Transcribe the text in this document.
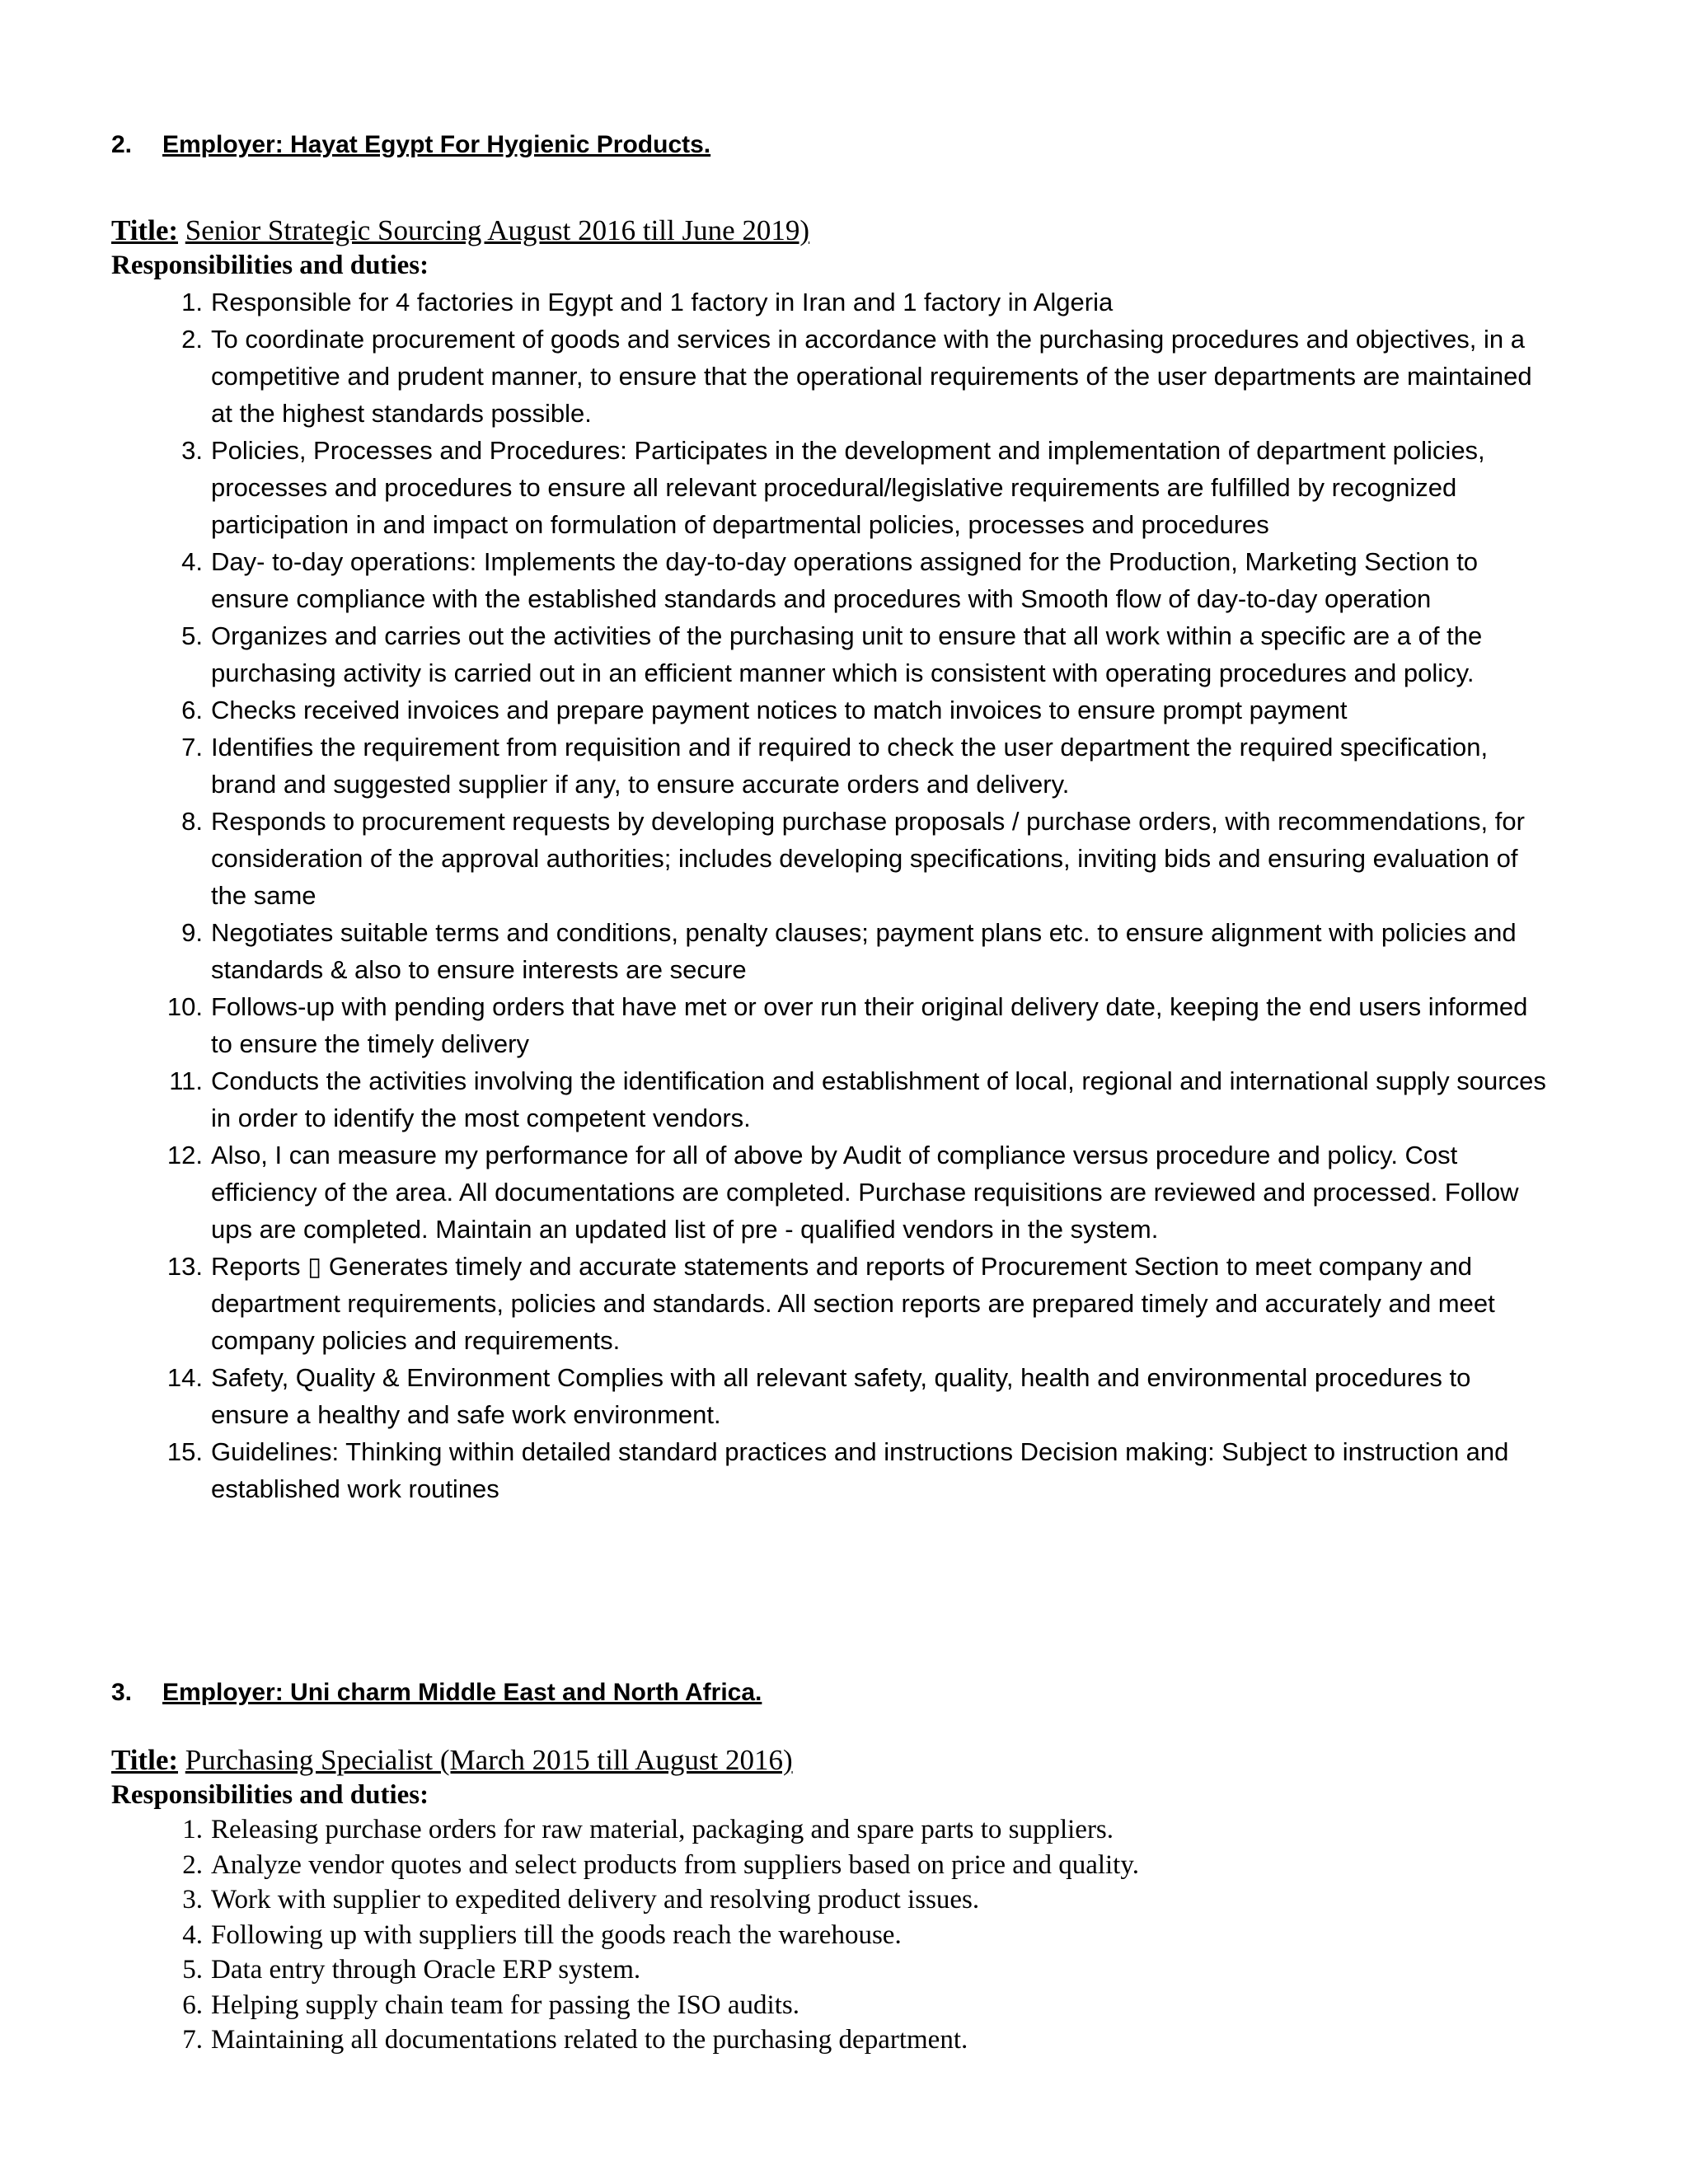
2. Employer: Hayat Egypt For Hygienic Products.
Title: Senior Strategic Sourcing August 2016 till June 2019)
Responsibilities and duties:
1. Responsible for 4 factories in Egypt and 1 factory in Iran and 1 factory in Algeria
2. To coordinate procurement of goods and services in accordance with the purchasing procedures and objectives, in a competitive and prudent manner, to ensure that the operational requirements of the user departments are maintained at the highest standards possible.
3. Policies, Processes and Procedures: Participates in the development and implementation of department policies, processes and procedures to ensure all relevant procedural/legislative requirements are fulfilled by recognized participation in and impact on formulation of departmental policies, processes and procedures
4. Day- to-day operations: Implements the day-to-day operations assigned for the Production, Marketing Section to ensure compliance with the established standards and procedures with Smooth flow of day-to-day operation
5. Organizes and carries out the activities of the purchasing unit to ensure that all work within a specific are a of the purchasing activity is carried out in an efficient manner which is consistent with operating procedures and policy.
6. Checks received invoices and prepare payment notices to match invoices to ensure prompt payment
7. Identifies the requirement from requisition and if required to check the user department the required specification, brand and suggested supplier if any, to ensure accurate orders and delivery.
8. Responds to procurement requests by developing purchase proposals / purchase orders, with recommendations, for consideration of the approval authorities; includes developing specifications, inviting bids and ensuring evaluation of the same
9. Negotiates suitable terms and conditions, penalty clauses; payment plans etc. to ensure alignment with policies and standards & also to ensure interests are secure
10. Follows-up with pending orders that have met or over run their original delivery date, keeping the end users informed to ensure the timely delivery
11. Conducts the activities involving the identification and establishment of local, regional and international supply sources in order to identify the most competent vendors.
12. Also, I can measure my performance for all of above by Audit of compliance versus procedure and policy. Cost efficiency of the area. All documentations are completed. Purchase requisitions are reviewed and processed. Follow ups are completed. Maintain an updated list of pre - qualified vendors in the system.
13. Reports ▯ Generates timely and accurate statements and reports of Procurement Section to meet company and department requirements, policies and standards. All section reports are prepared timely and accurately and meet company policies and requirements.
14. Safety, Quality & Environment Complies with all relevant safety, quality, health and environmental procedures to ensure a healthy and safe work environment.
15. Guidelines: Thinking within detailed standard practices and instructions Decision making: Subject to instruction and established work routines
3. Employer: Uni charm Middle East and North Africa.
Title: Purchasing Specialist (March 2015 till August 2016)
Responsibilities and duties:
1. Releasing purchase orders for raw material, packaging and spare parts to suppliers.
2. Analyze vendor quotes and select products from suppliers based on price and quality.
3. Work with supplier to expedited delivery and resolving product issues.
4. Following up with suppliers till the goods reach the warehouse.
5. Data entry through Oracle ERP system.
6. Helping supply chain team for passing the ISO audits.
7. Maintaining all documentations related to the purchasing department.
